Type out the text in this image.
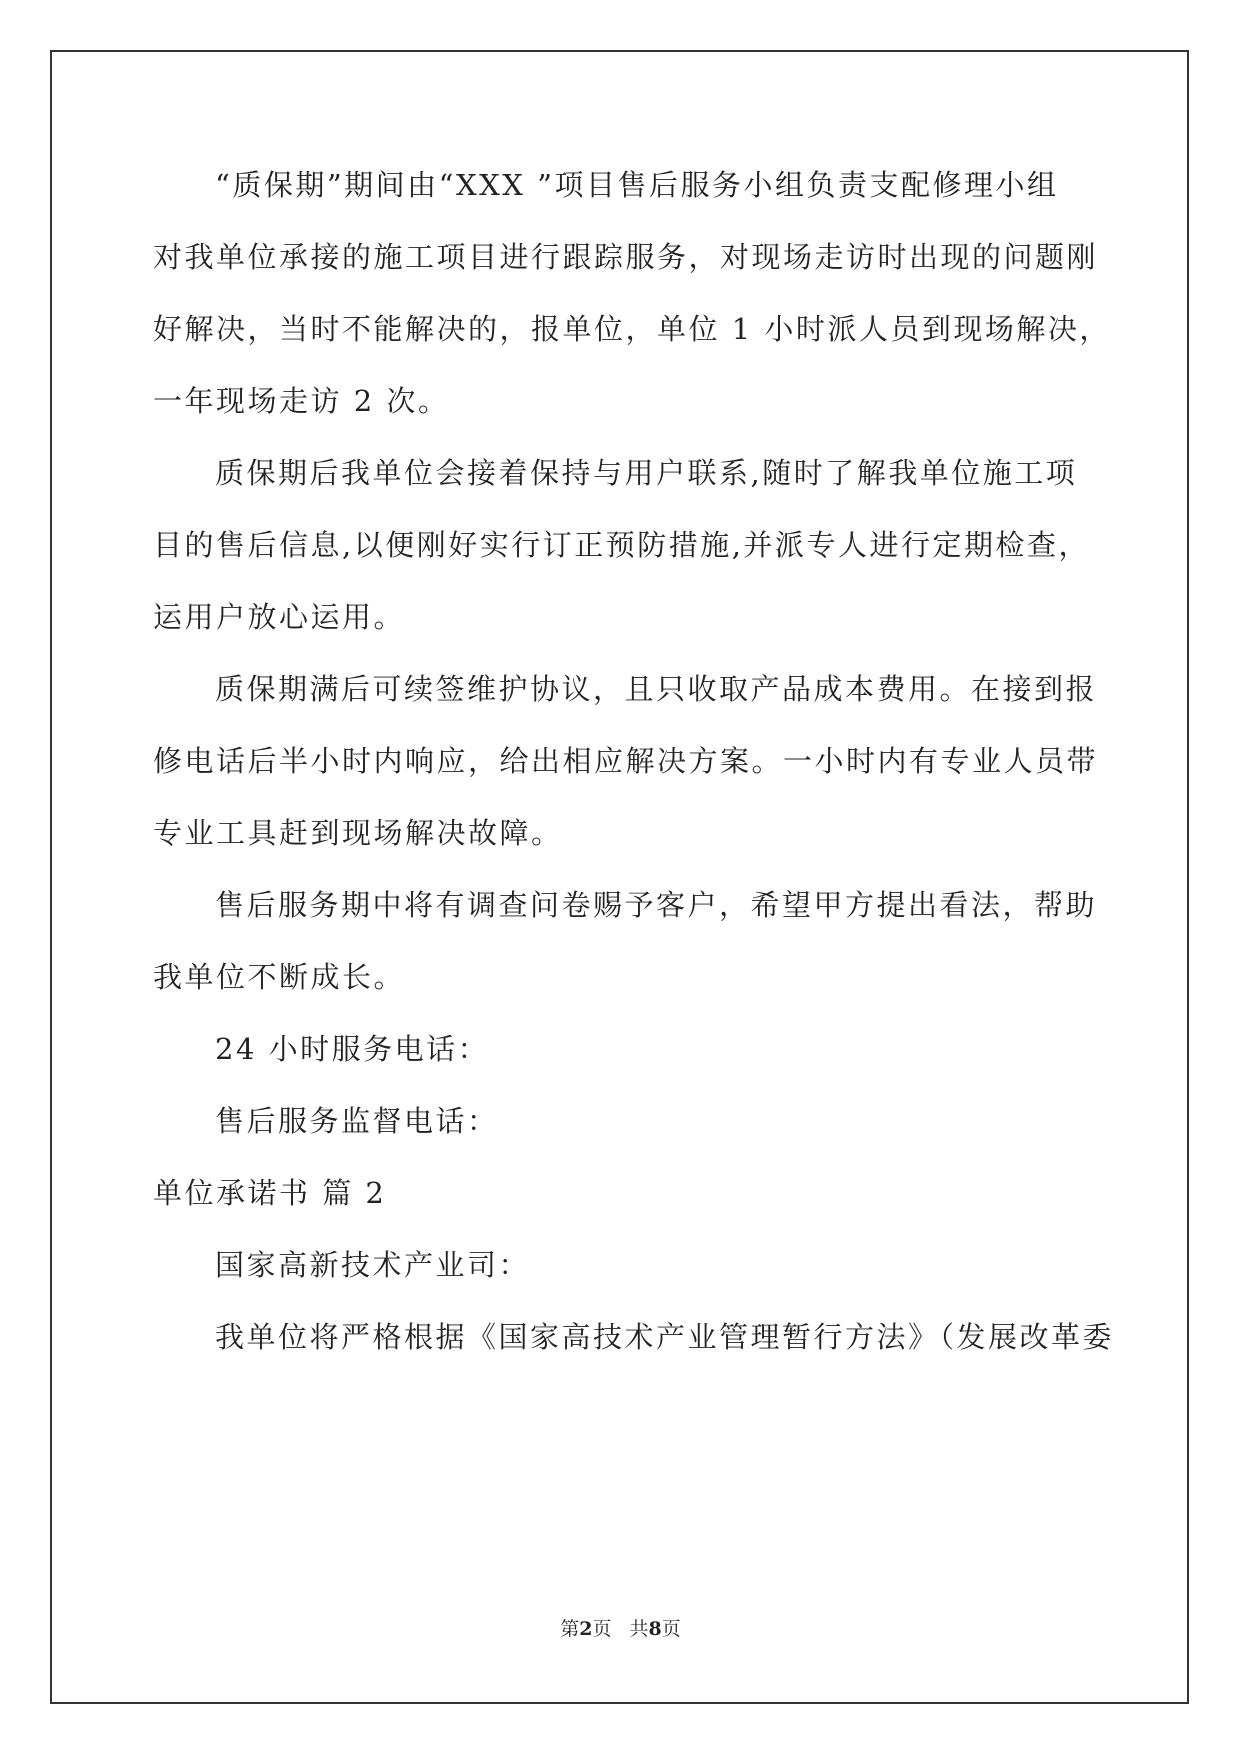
“质保期”期间由“XXX ”项目售后服务小组负责支配修理小组
对我单位承接的施工项目进行跟踪服务，对现场走访时出现的问题刚
好解决，当时不能解决的，报单位，单位 1 小时派人员到现场解决，
一年现场走访 2 次。
质保期后我单位会接着保持与用户联系,随时了解我单位施工项
目的售后信息,以便刚好实行订正预防措施,并派专人进行定期检查，
运用户放心运用。
质保期满后可续签维护协议，且只收取产品成本费用。在接到报
修电话后半小时内响应，给出相应解决方案。一小时内有专业人员带
专业工具赶到现场解决故障。
售后服务期中将有调查问卷赐予客户，希望甲方提出看法，帮助
我单位不断成长。
24 小时服务电话：
售后服务监督电话：
单位承诺书 篇 2
国家高新技术产业司：
我单位将严格根据《国家高技术产业管理暂行方法》（发展改革委
第2页 共8页
